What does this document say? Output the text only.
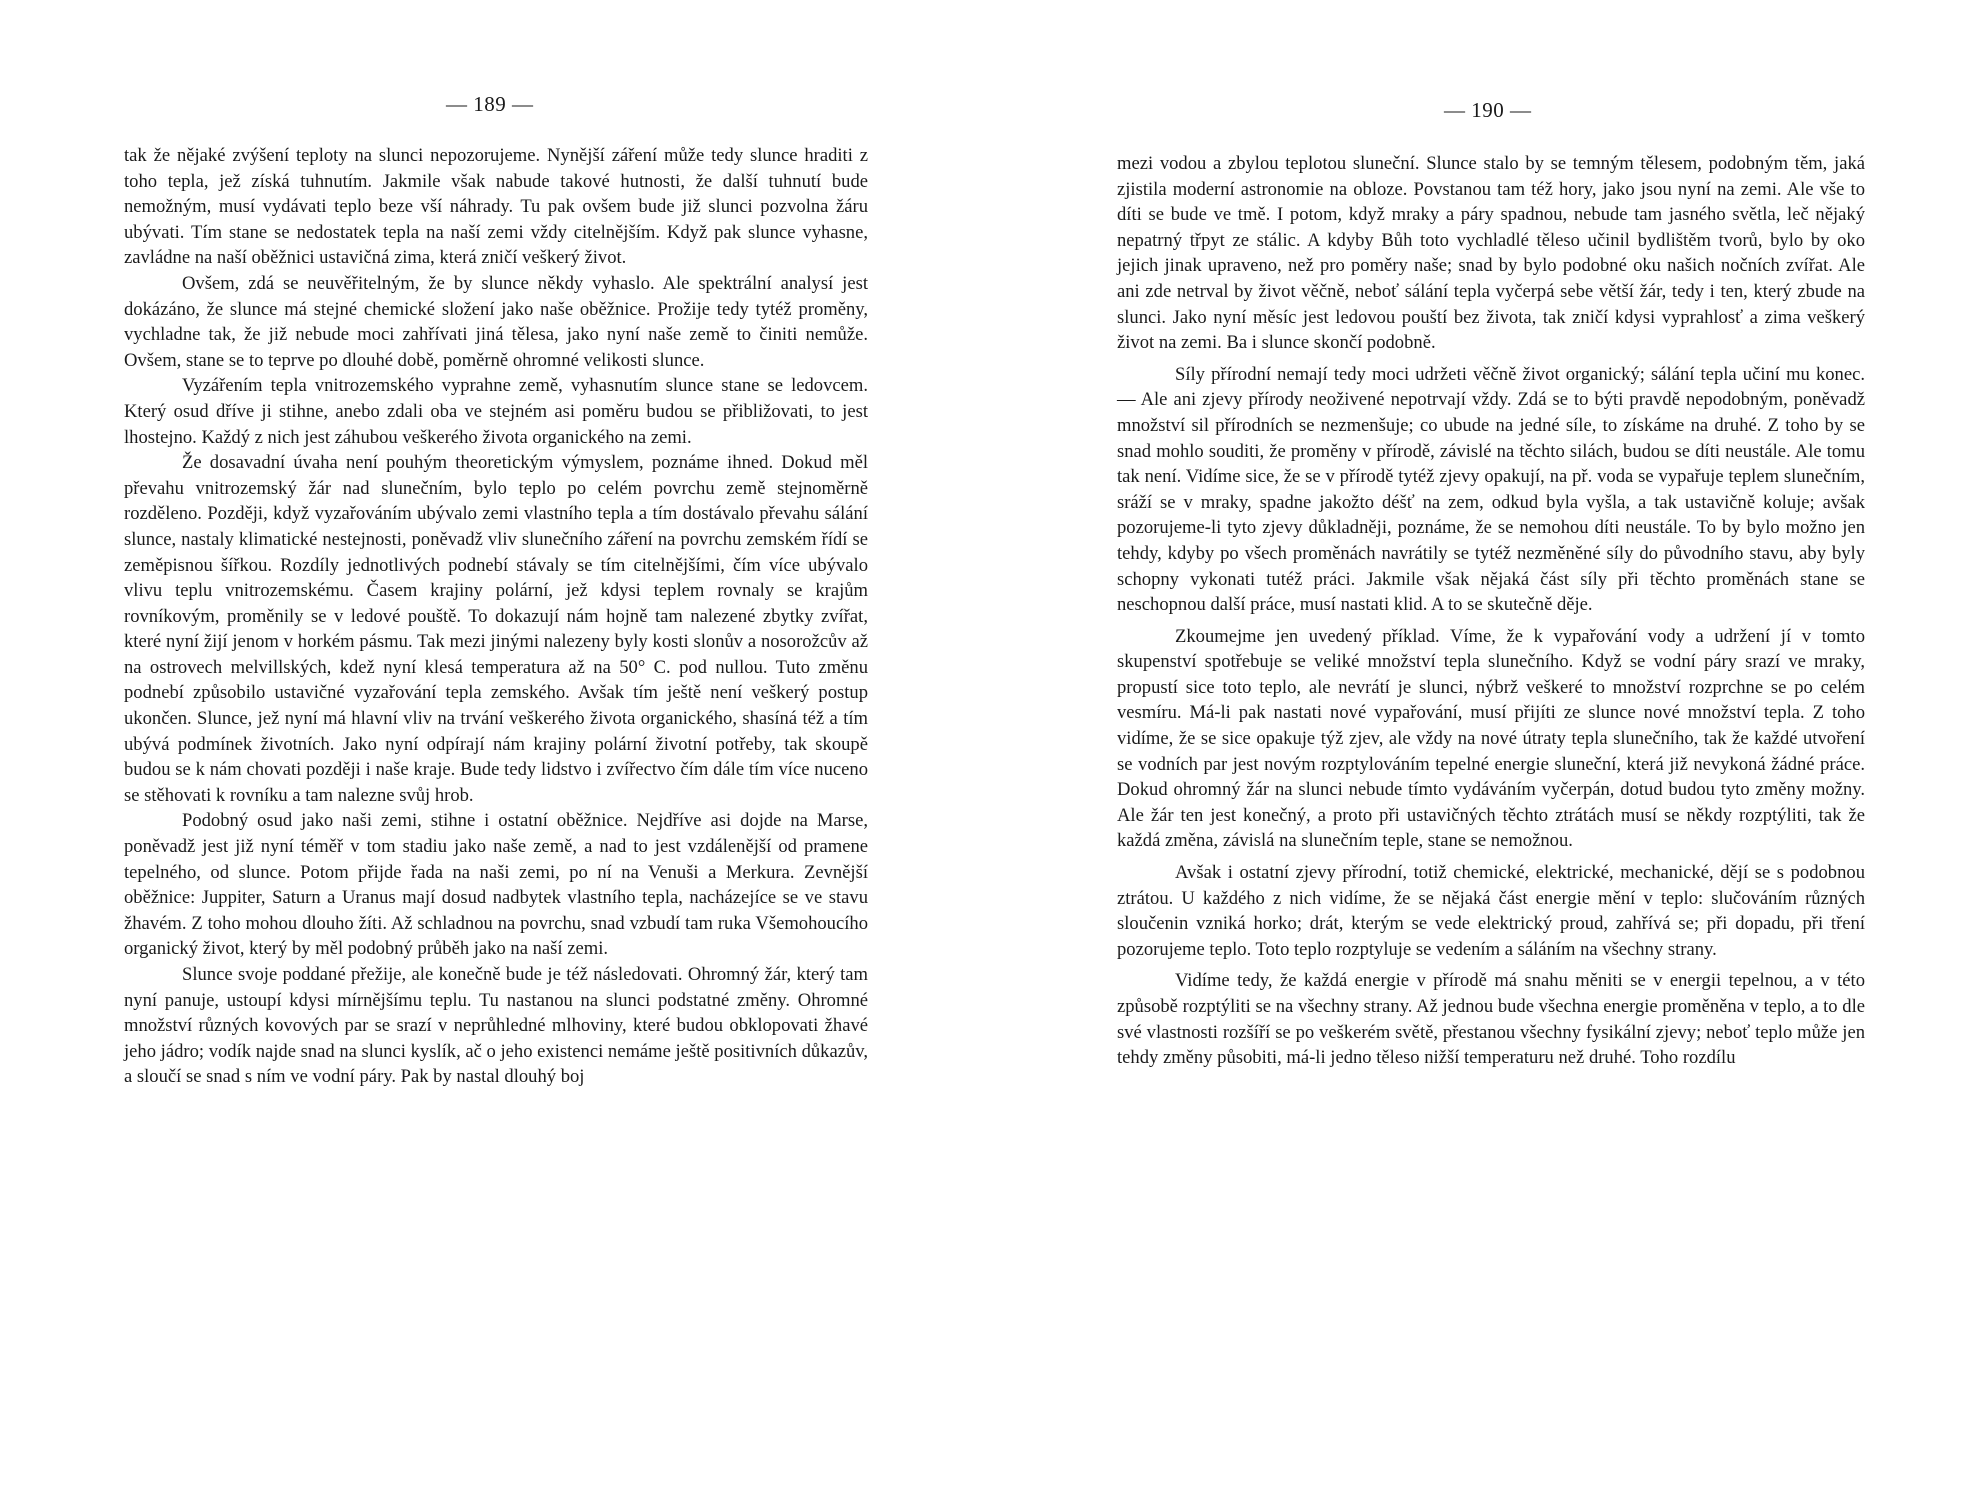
— 189 —

tak že nějaké zvýšení teploty na slunci nepozorujeme. Nynější záření může tedy slunce hraditi z toho tepla, jež získá tuhnutím. Jakmile však nabude takové hutnosti, že další tuhnutí bude nemožným, musí vydávati teplo beze vší náhrady. Tu pak ovšem bude již slunci pozvolna žáru ubývati. Tím stane se nedostatek tepla na naší zemi vždy citelnějším. Když pak slunce vyhasne, zavládne na naší oběžnici ustavičná zima, která zničí veškerý život.

Ovšem, zdá se neuvěřitelným, že by slunce někdy vyhaslo. Ale spektrální analysí jest dokázáno, že slunce má stejné chemické složení jako naše oběžnice. Prožije tedy tytéž proměny, vychladne tak, že již nebude moci zahřívati jiná tělesa, jako nyní naše země to činiti nemůže. Ovšem, stane se to teprve po dlouhé době, poměrně ohromné velikosti slunce.

Vyzářením tepla vnitrozemského vyprahne země, vyhasnutím slunce stane se ledovcem. Který osud dříve ji stihne, anebo zdali oba ve stejném asi poměru budou se přibližovati, to jest lhostejno. Každý z nich jest záhubou veškerého života organického na zemi.

Že dosavadní úvaha není pouhým theoretickým výmyslem, poznáme ihned. Dokud měl převahu vnitrozemský žár nad slunečním, bylo teplo po celém povrchu země stejnoměrně rozděleno. Později, když vyzařováním ubývalo zemi vlastního tepla a tím dostávalo převahu sálání slunce, nastaly klimatické nestejnosti, poněvadž vliv slunečního záření na povrchu zemském řídí se zeměpisnou šířkou. Rozdíly jednotlivých podnebí stávaly se tím citelnějšími, čím více ubývalo vlivu teplu vnitrozemskému. Časem krajiny polární, jež kdysi teplem rovnaly se krajům rovníkovým, proměnily se v ledové pouště. To dokazují nám hojně tam nalezené zbytky zvířat, které nyní žijí jenom v horkém pásmu. Tak mezi jinými nalezeny byly kosti slonův a nosorožcův až na ostrovech melvillských, kdež nyní klesá temperatura až na 50° C. pod nullou. Tuto změnu podnebí způsobilo ustavičné vyzařování tepla zemského. Avšak tím ještě není veškerý postup ukončen. Slunce, jež nyní má hlavní vliv na trvání veškerého života organického, shasíná též a tím ubývá podmínek životních. Jako nyní odpírají nám krajiny polární životní potřeby, tak skoupě budou se k nám chovati později i naše kraje. Bude tedy lidstvo i zvířectvo čím dále tím více nuceno se stěhovati k rovníku a tam nalezne svůj hrob.

Podobný osud jako naši zemi, stihne i ostatní oběžnice. Nejdříve asi dojde na Marse, poněvadž jest již nyní téměř v tom stadiu jako naše země, a nad to jest vzdálenější od pramene tepelného, od slunce. Potom přijde řada na naši zemi, po ní na Venuši a Merkura. Zevnější oběžnice: Juppiter, Saturn a Uranus mají dosud nadbytek vlastního tepla, nacházejíce se ve stavu žhavém. Z toho mohou dlouho žíti. Až schladnou na povrchu, snad vzbudí tam ruka Všemohoucího organický život, který by měl podobný průběh jako na naší zemi.

Slunce svoje poddané přežije, ale konečně bude je též následovati. Ohromný žár, který tam nyní panuje, ustoupí kdysi mírnějšímu teplu. Tu nastanou na slunci podstatné změny. Ohromné množství různých kovových par se srazí v neprůhledné mlhoviny, které budou obklopovati žhavé jeho jádro; vodík najde snad na slunci kyslík, ač o jeho existenci nemáme ještě positivních důkazův, a sloučí se snad s ním ve vodní páry. Pak by nastal dlouhý boj

— 190 —

mezi vodou a zbylou teplotou sluneční. Slunce stalo by se temným tělesem, podobným těm, jaká zjistila moderní astronomie na obloze. Povstanou tam též hory, jako jsou nyní na zemi. Ale vše to díti se bude ve tmě. I potom, když mraky a páry spadnou, nebude tam jasného světla, leč nějaký nepatrný třpyt ze stálic. A kdyby Bůh toto vychladlé těleso učinil bydlištěm tvorů, bylo by oko jejich jinak upraveno, než pro poměry naše; snad by bylo podobné oku našich nočních zvířat. Ale ani zde netrval by život věčně, neboť sálání tepla vyčerpá sebe větší žár, tedy i ten, který zbude na slunci. Jako nyní měsíc jest ledovou pouští bez života, tak zničí kdysi vyprahlosť a zima veškerý život na zemi. Ba i slunce skončí podobně.

Síly přírodní nemají tedy moci udržeti věčně život organický; sálání tepla učiní mu konec. — Ale ani zjevy přírody neoživené nepotrvají vždy. Zdá se to býti pravdě nepodobným, poněvadž množství sil přírodních se nezmenšuje; co ubude na jedné síle, to získáme na druhé. Z toho by se snad mohlo souditi, že proměny v přírodě, závislé na těchto silách, budou se díti neustále. Ale tomu tak není. Vidíme sice, že se v přírodě tytéž zjevy opakují, na př. voda se vypařuje teplem slunečním, sráží se v mraky, spadne jakožto déšť na zem, odkud byla vyšla, a tak ustavičně koluje; avšak pozorujeme-li tyto zjevy důkladněji, poznáme, že se nemohou díti neustále. To by bylo možno jen tehdy, kdyby po všech proměnách navrátily se tytéž nezměněné síly do původního stavu, aby byly schopny vykonati tutéž práci. Jakmile však nějaká část síly při těchto proměnách stane se neschopnou další práce, musí nastati klid. A to se skutečně děje.

Zkoumejme jen uvedený příklad. Víme, že k vypařování vody a udržení jí v tomto skupenství spotřebuje se veliké množství tepla slunečního. Když se vodní páry srazí ve mraky, propustí sice toto teplo, ale nevrátí je slunci, nýbrž veškeré to množství rozprchne se po celém vesmíru. Má-li pak nastati nové vypařování, musí přijíti ze slunce nové množství tepla. Z toho vidíme, že se sice opakuje týž zjev, ale vždy na nové útraty tepla slunečního, tak že každé utvoření se vodních par jest novým rozptylováním tepelné energie sluneční, která již nevykoná žádné práce. Dokud ohromný žár na slunci nebude tímto vydáváním vyčerpán, dotud budou tyto změny možny. Ale žár ten jest konečný, a proto při ustavičných těchto ztrátách musí se někdy rozptýliti, tak že každá změna, závislá na slunečním teple, stane se nemožnou.

Avšak i ostatní zjevy přírodní, totiž chemické, elektrické, mechanické, dějí se s podobnou ztrátou. U každého z nich vidíme, že se nějaká část energie mění v teplo: slučováním různých sloučenin vzniká horko; drát, kterým se vede elektrický proud, zahřívá se; při dopadu, při tření pozorujeme teplo. Toto teplo rozptyluje se vedením a sáláním na všechny strany.

Vidíme tedy, že každá energie v přírodě má snahu měniti se v energii tepelnou, a v této způsobě rozptýliti se na všechny strany. Až jednou bude všechna energie proměněna v teplo, a to dle své vlastnosti rozšíří se po veškerém světě, přestanou všechny fysikální zjevy; neboť teplo může jen tehdy změny působiti, má-li jedno těleso nižší temperaturu než druhé. Toho rozdílu
